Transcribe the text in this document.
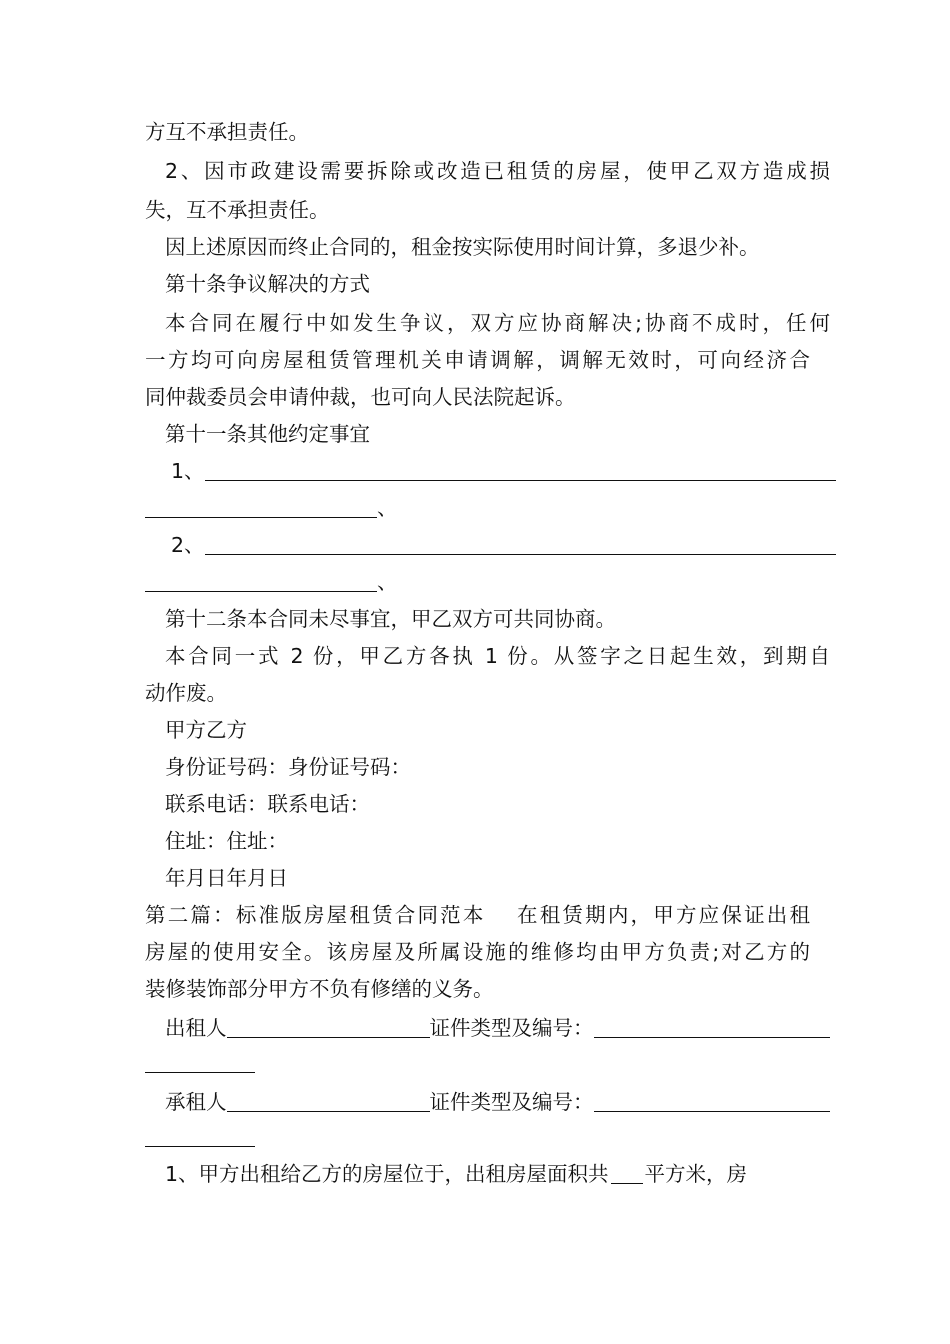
方互不承担责任。
2、因市政建设需要拆除或改造已租赁的房屋，使甲乙双方造成损
失，互不承担责任。
因上述原因而终止合同的，租金按实际使用时间计算，多退少补。
第十条争议解决的方式
本合同在履行中如发生争议，双方应协商解决;协商不成时，任何
一方均可向房屋租赁管理机关申请调解，调解无效时，可向经济合
同仲裁委员会申请仲裁，也可向人民法院起诉。
第十一条其他约定事宜
1、
、
2、
、
第十二条本合同未尽事宜，甲乙双方可共同协商。
本合同一式 2 份，甲乙方各执 1 份。从签字之日起生效，到期自
动作废。
甲方乙方
身份证号码：身份证号码：
联系电话：联系电话：
住址：住址：
年月日年月日
第二篇：标准版房屋租赁合同范本　 在租赁期内，甲方应保证出租
房屋的使用安全。该房屋及所属设施的维修均由甲方负责;对乙方的
装修装饰部分甲方不负有修缮的义务。
出租人	证件类型及编号：
承租人	证件类型及编号：
1、甲方出租给乙方的房屋位于，出租房屋面积共 平方米，房
